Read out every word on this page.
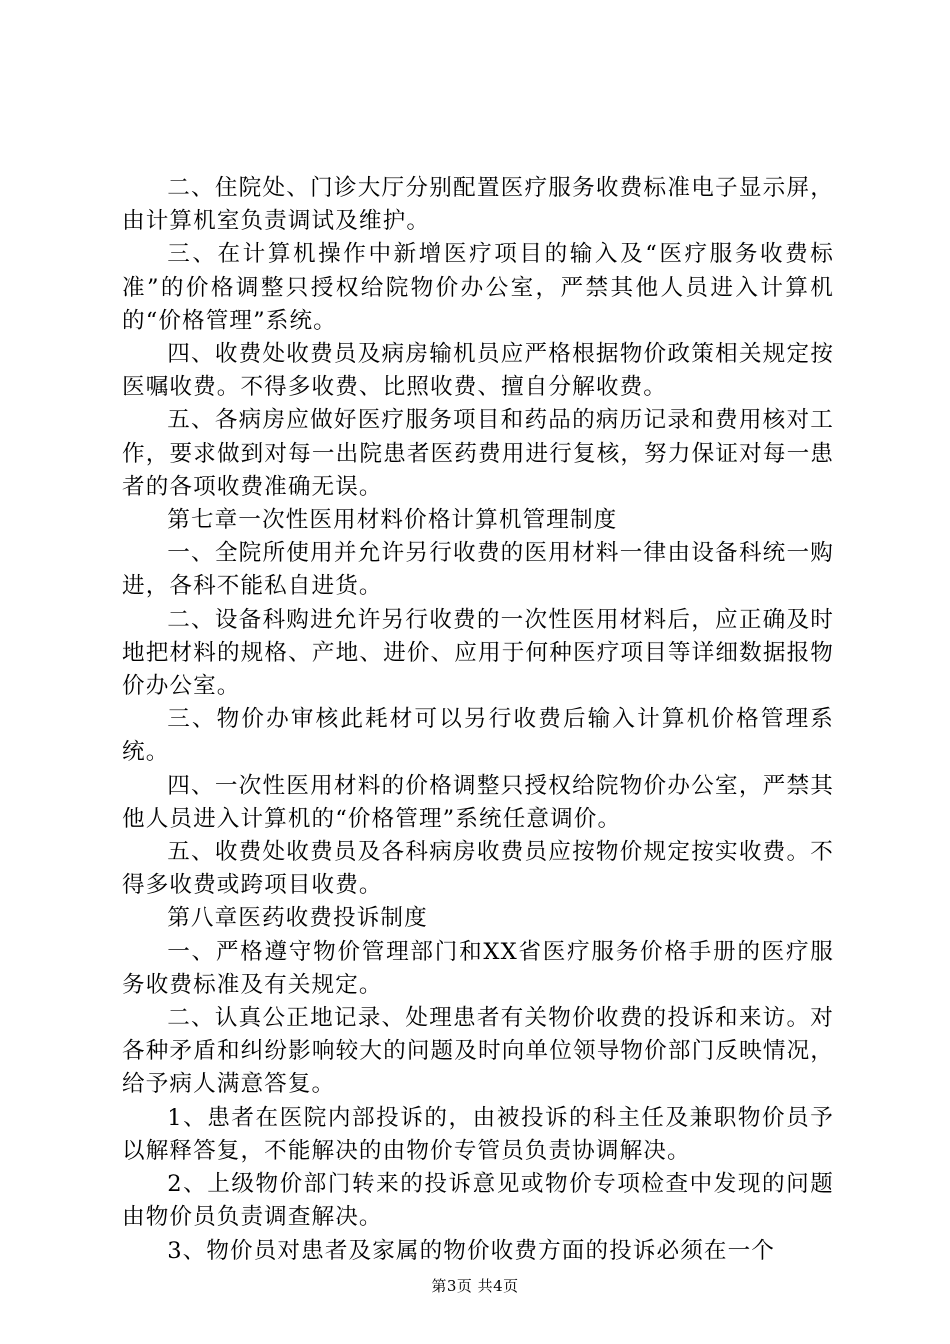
二、住院处、门诊大厅分别配置医疗服务收费标准电子显示屏，由计算机室负责调试及维护。

三、在计算机操作中新增医疗项目的输入及“医疗服务收费标准”的价格调整只授权给院物价办公室，严禁其他人员进入计算机的“价格管理”系统。

四、收费处收费员及病房输机员应严格根据物价政策相关规定按医嘱收费。不得多收费、比照收费、擅自分解收费。

五、各病房应做好医疗服务项目和药品的病历记录和费用核对工作，要求做到对每一出院患者医药费用进行复核，努力保证对每一患者的各项收费准确无误。

第七章一次性医用材料价格计算机管理制度

一、全院所使用并允许另行收费的医用材料一律由设备科统一购进，各科不能私自进货。

二、设备科购进允许另行收费的一次性医用材料后，应正确及时地把材料的规格、产地、进价、应用于何种医疗项目等详细数据报物价办公室。

三、物价办审核此耗材可以另行收费后输入计算机价格管理系统。

四、一次性医用材料的价格调整只授权给院物价办公室，严禁其他人员进入计算机的“价格管理”系统任意调价。

五、收费处收费员及各科病房收费员应按物价规定按实收费。不得多收费或跨项目收费。

第八章医药收费投诉制度

一、严格遵守物价管理部门和XX省医疗服务价格手册的医疗服务收费标准及有关规定。

二、认真公正地记录、处理患者有关物价收费的投诉和来访。对各种矛盾和纠纷影响较大的问题及时向单位领导物价部门反映情况，给予病人满意答复。

1、患者在医院内部投诉的，由被投诉的科主任及兼职物价员予以解释答复，不能解决的由物价专管员负责协调解决。

2、上级物价部门转来的投诉意见或物价专项检查中发现的问题由物价员负责调查解决。

3、物价员对患者及家属的物价收费方面的投诉必须在一个

第3页 共4页
